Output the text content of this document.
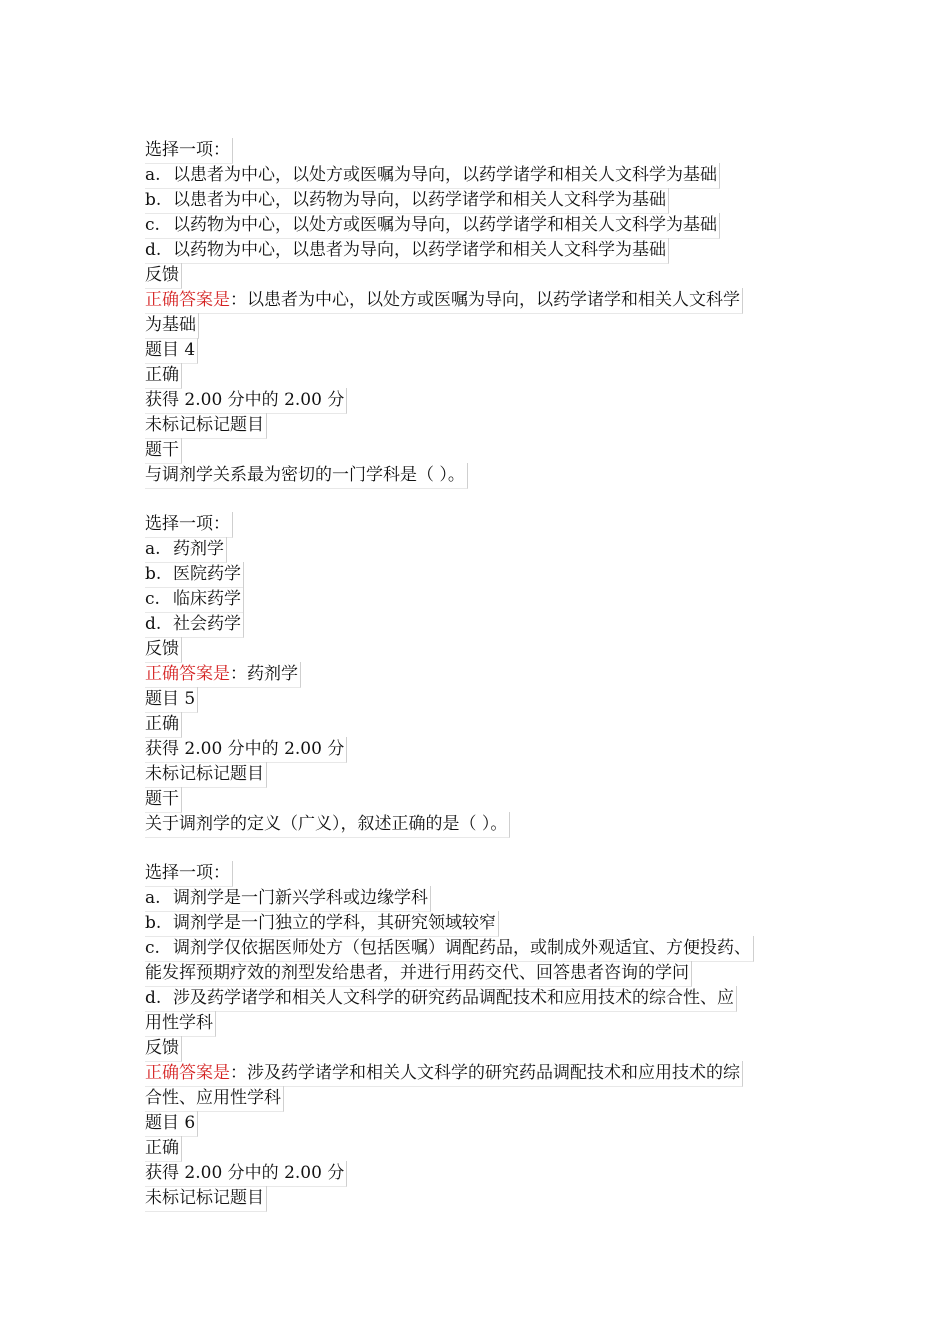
选择一项：
a. 以患者为中心，以处方或医嘱为导向，以药学诸学和相关人文科学为基础
b. 以患者为中心，以药物为导向，以药学诸学和相关人文科学为基础
c. 以药物为中心，以处方或医嘱为导向，以药学诸学和相关人文科学为基础
d. 以药物为中心，以患者为导向，以药学诸学和相关人文科学为基础
反馈
正确答案是：以患者为中心，以处方或医嘱为导向，以药学诸学和相关人文科学
为基础
题目 4
正确
获得 2.00 分中的 2.00 分
未标记标记题目
题干
与调剂学关系最为密切的一门学科是（ ）。
选择一项：
a. 药剂学
b. 医院药学
c. 临床药学
d. 社会药学
反馈
正确答案是：药剂学
题目 5
正确
获得 2.00 分中的 2.00 分
未标记标记题目
题干
关于调剂学的定义（广义），叙述正确的是（ ）。
选择一项：
a. 调剂学是一门新兴学科或边缘学科
b. 调剂学是一门独立的学科，其研究领域较窄
c. 调剂学仅依据医师处方（包括医嘱）调配药品，或制成外观适宜、方便投药、
能发挥预期疗效的剂型发给患者，并进行用药交代、回答患者咨询的学问
d. 涉及药学诸学和相关人文科学的研究药品调配技术和应用技术的综合性、应
用性学科
反馈
正确答案是：涉及药学诸学和相关人文科学的研究药品调配技术和应用技术的综
合性、应用性学科
题目 6
正确
获得 2.00 分中的 2.00 分
未标记标记题目
